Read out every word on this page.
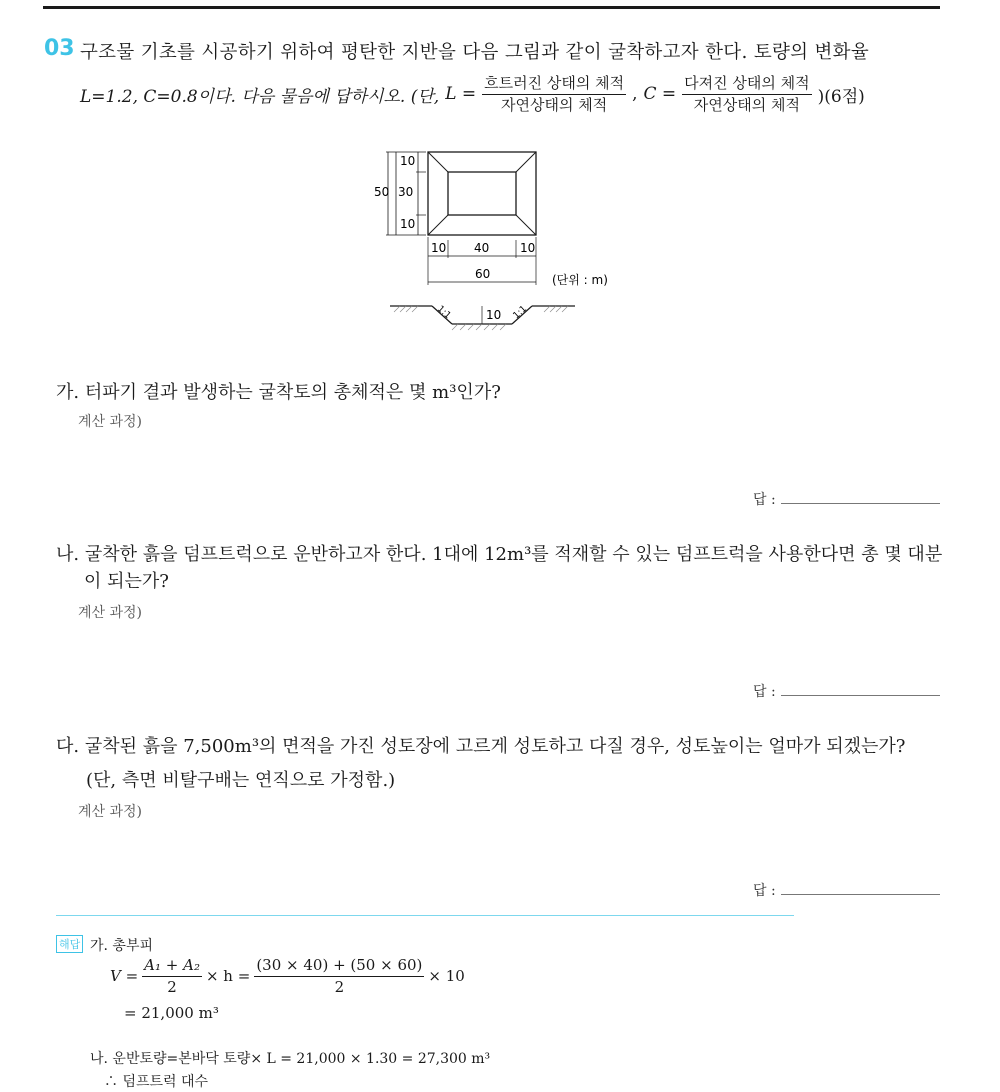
03 구조물 기초를 시공하기 위하여 평탄한 지반을 다음 그림과 같이 굴착하고자 한다. 토량의 변화율
L=1.2, C=0.8이다. 다음 물음에 답하시오. (단, $L = \frac{\text{흐트러진 상태의 체적}}{\text{자연상태의 체적}}$ , $C = \frac{\text{다져진 상태의 체적}}{\text{자연상태의 체적}} )(6$점)
50
10
30
10
10 40	10
60	(단위 : m)
1:1	1:1
10
가. 터파기 결과 발생하는 굴착토의 총체적은 몇 m³인가?
계산 과정)
답 :
나. 굴착한 흙을 덤프트럭으로 운반하고자 한다. 1대에 12m³를 적재할 수 있는 덤프트럭을 사용한다면 총 몇 대분
이 되는가?
계산 과정)
답 :
다. 굴착된 흙을 7,500m³의 면적을 가진 성토장에 고르게 성토하고 다질 경우, 성토높이는 얼마가 되겠는가?
(단, 측면 비탈구배는 연직으로 가정함.)
계산 과정)
답 :
해답 가. 총부피
$V = \frac{\text{A₁ + A₂}}{2} \times h = \frac{(30 \times 40) + (50 \times 60)}{2} \times 10$
= 21,000 m³
나. 운반토량=본바닥 토량× L = 21,000 × 1.30 = 27,300 m³
∴ 덤프트럭 대수
